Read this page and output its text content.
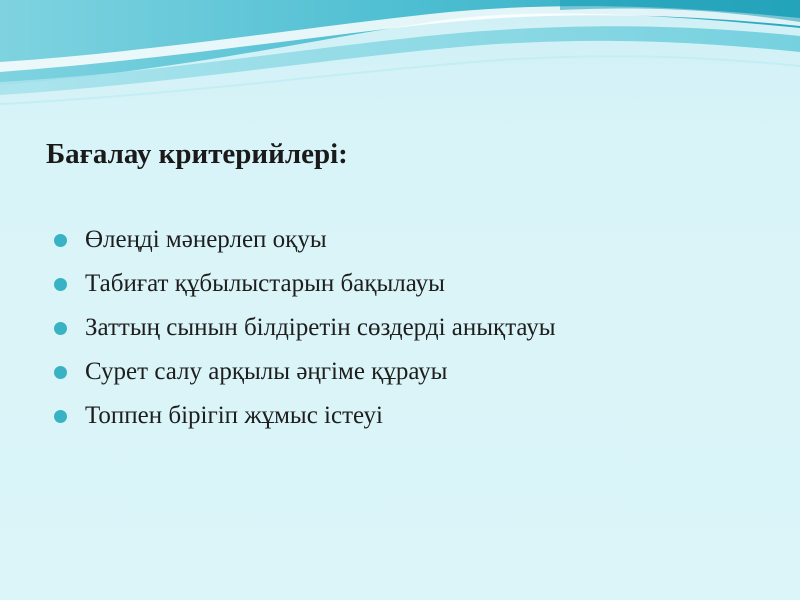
Бағалау критерийлері:
Өлеңді мәнерлеп оқуы
Табиғат құбылыстарын бақылауы
Заттың сынын білдіретін сөздерді анықтауы
Сурет салу арқылы әңгіме құрауы
Топпен бірігіп жұмыс істеуі
